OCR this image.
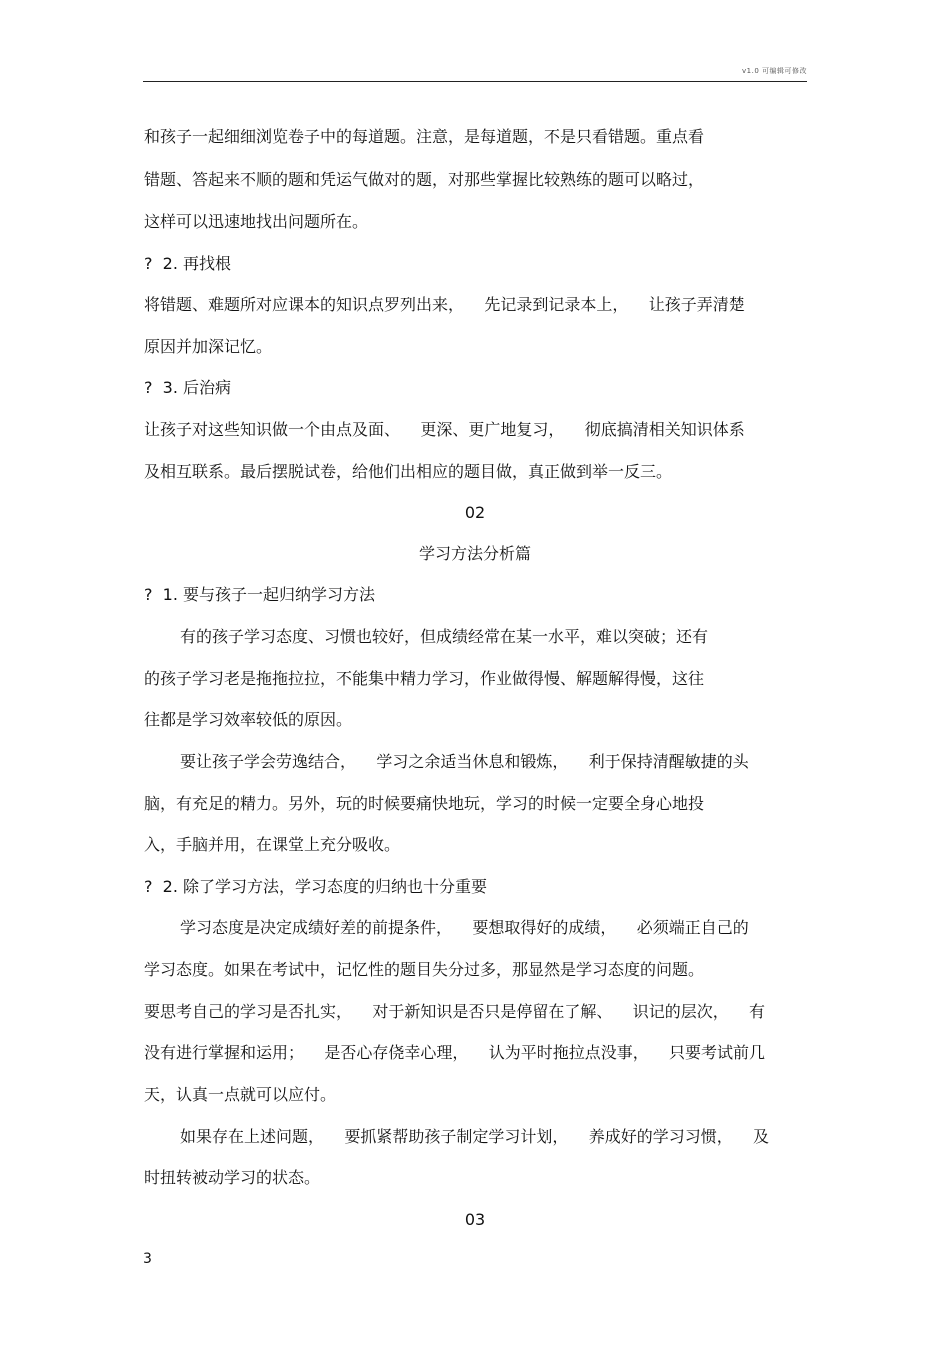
v1.0 可编辑可修改
和孩子一起细细浏览卷子中的每道题。注意，是每道题，不是只看错题。重点看
错题、答起来不顺的题和凭运气做对的题，对那些掌握比较熟练的题可以略过，
这样可以迅速地找出问题所在。
?  2. 再找根
将错题、难题所对应课本的知识点罗列出来，    先记录到记录本上，    让孩子弄清楚
原因并加深记忆。
?  3. 后治病
让孩子对这些知识做一个由点及面、    更深、更广地复习，    彻底搞清相关知识体系
及相互联系。最后摆脱试卷，给他们出相应的题目做，真正做到举一反三。
02
学习方法分析篇
?  1. 要与孩子一起归纳学习方法
有的孩子学习态度、习惯也较好，但成绩经常在某一水平，难以突破；还有
的孩子学习老是拖拖拉拉，不能集中精力学习，作业做得慢、解题解得慢，这往
往都是学习效率较低的原因。
要让孩子学会劳逸结合，    学习之余适当休息和锻炼，    利于保持清醒敏捷的头
脑，有充足的精力。另外，玩的时候要痛快地玩，学习的时候一定要全身心地投
入，手脑并用，在课堂上充分吸收。
?  2. 除了学习方法，学习态度的归纳也十分重要
学习态度是决定成绩好差的前提条件，    要想取得好的成绩，    必须端正自己的
学习态度。如果在考试中，记忆性的题目失分过多，那显然是学习态度的问题。
要思考自己的学习是否扎实，    对于新知识是否只是停留在了解、    识记的层次，    有
没有进行掌握和运用；    是否心存侥幸心理，    认为平时拖拉点没事，    只要考试前几
天，认真一点就可以应付。
如果存在上述问题，    要抓紧帮助孩子制定学习计划，    养成好的学习习惯，    及
时扭转被动学习的状态。
03
3
